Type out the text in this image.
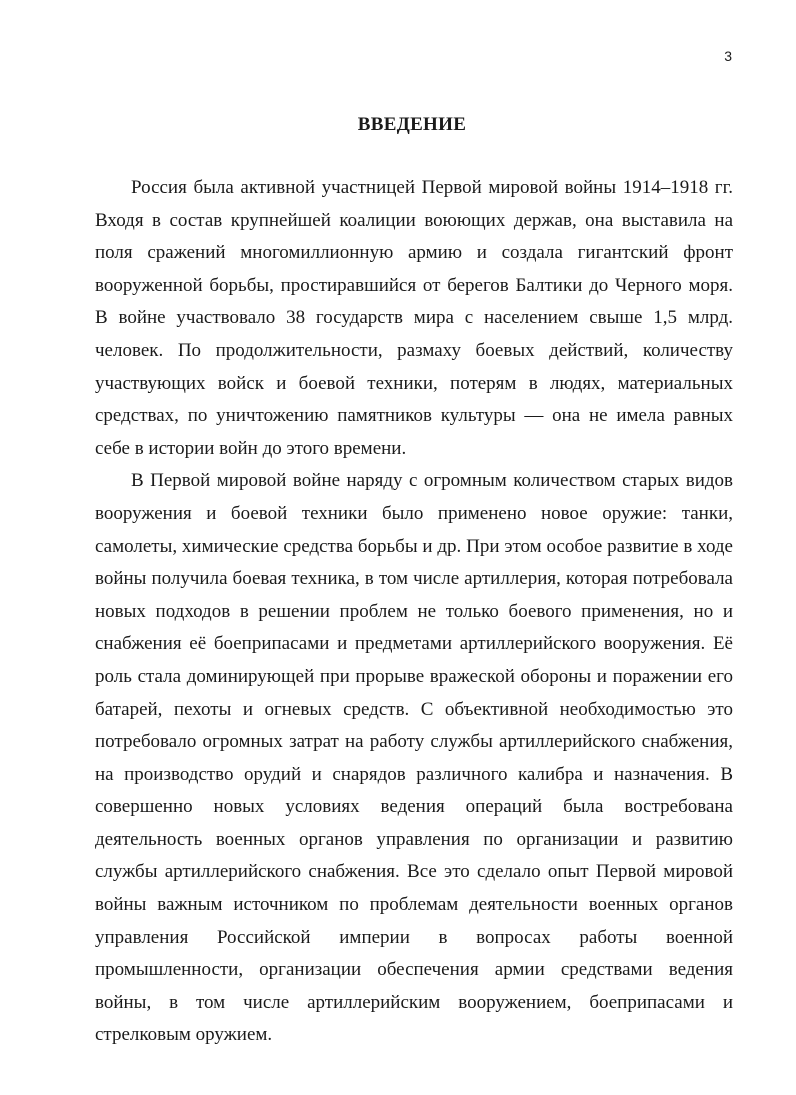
3
ВВЕДЕНИЕ

Россия была активной участницей Первой мировой войны 1914–1918 гг. Входя в состав крупнейшей коалиции воюющих держав, она выставила на поля сражений многомиллионную армию и создала гигантский фронт вооруженной борьбы, простиравшийся от берегов Балтики до Черного моря. В войне участвовало 38 государств мира с населением свыше 1,5 млрд. человек. По продолжительности, размаху боевых действий, количеству участвующих войск и боевой техники, потерям в людях, материальных средствах, по уничтожению памятников культуры — она не имела равных себе в истории войн до этого времени.

В Первой мировой войне наряду с огромным количеством старых видов вооружения и боевой техники было применено новое оружие: танки, самолеты, химические средства борьбы и др. При этом особое развитие в ходе войны получила боевая техника, в том числе артиллерия, которая потребовала новых подходов в решении проблем не только боевого применения, но и снабжения её боеприпасами и предметами артиллерийского вооружения. Её роль стала доминирующей при прорыве вражеской обороны и поражении его батарей, пехоты и огневых средств. С объективной необходимостью это потребовало огромных затрат на работу службы артиллерийского снабжения, на производство орудий и снарядов различного калибра и назначения. В совершенно новых условиях ведения операций была востребована деятельность военных органов управления по организации и развитию службы артиллерийского снабжения. Все это сделало опыт Первой мировой войны важным источником по проблемам деятельности военных органов управления Российской империи в вопросах работы военной промышленности, организации обеспечения армии средствами ведения войны, в том числе артиллерийским вооружением, боеприпасами и стрелковым оружием.
